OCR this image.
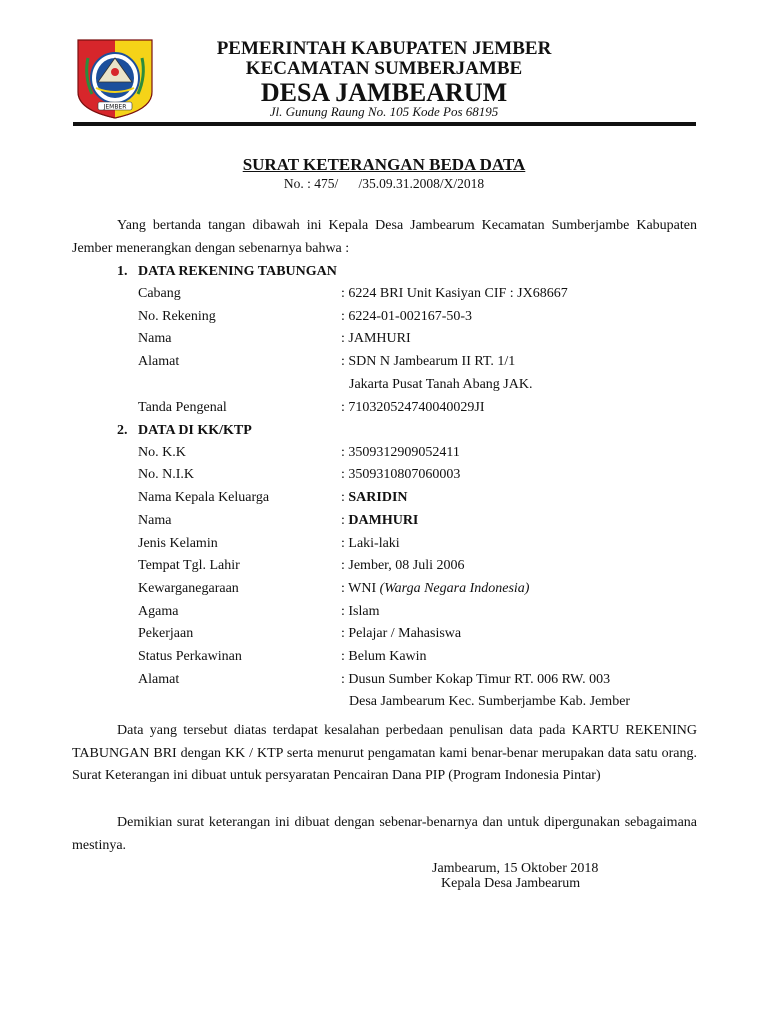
JEMBER
PEMERINTAH KABUPATEN JEMBER
KECAMATAN SUMBERJAMBE
DESA JAMBEARUM
Jl. Gunung Raung No. 105 Kode Pos 68195
SURAT KETERANGAN BEDA DATA
No. : 475/      /35.09.31.2008/X/2018

Yang bertanda tangan dibawah ini Kepala Desa Jambearum Kecamatan Sumberjambe Kabupaten Jember menerangkan dengan sebenarnya bahwa :

1. DATA REKENING TABUNGAN
Cabang	: 6224 BRI Unit Kasiyan CIF : JX68667
No. Rekening	: 6224-01-002167-50-3
Nama	: JAMHURI
Alamat	: SDN N Jambearum II RT. 1/1
Jakarta Pusat Tanah Abang JAK.
Tanda Pengenal	: 710320524740040029JI
2. DATA DI KK/KTP
No. K.K	: 3509312909052411
No. N.I.K	: 3509310807060003
Nama Kepala Keluarga	: SARIDIN
Nama	: DAMHURI
Jenis Kelamin	: Laki-laki
Tempat Tgl. Lahir	: Jember, 08 Juli 2006
Kewarganegaraan	: WNI (Warga Negara Indonesia)
Agama	: Islam
Pekerjaan	: Pelajar / Mahasiswa
Status Perkawinan	: Belum Kawin
Alamat	: Dusun Sumber Kokap Timur RT. 006 RW. 003
Desa Jambearum Kec. Sumberjambe Kab. Jember

Data yang tersebut diatas terdapat kesalahan perbedaan penulisan data pada KARTU REKENING TABUNGAN BRI dengan KK / KTP serta menurut pengamatan kami benar-benar merupakan data satu orang. Surat Keterangan ini dibuat untuk persyaratan Pencairan Dana PIP (Program Indonesia Pintar)

Demikian surat keterangan ini dibuat dengan sebenar-benarnya dan untuk dipergunakan sebagaimana mestinya.

Jambearum, 15 Oktober 2018
Kepala Desa Jambearum
